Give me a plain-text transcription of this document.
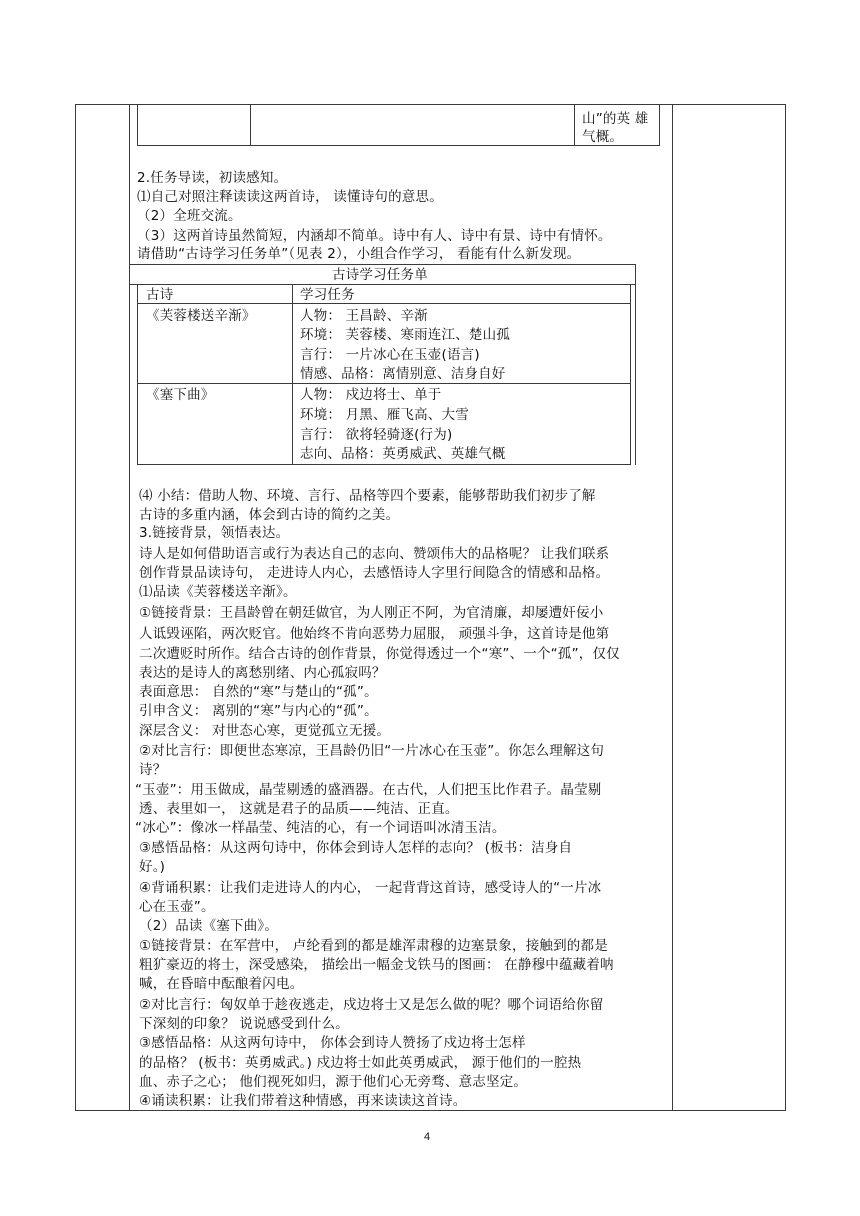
山”的英 雄
气概。
2.任务导读，初读感知。
⑴自己对照注释读读这两首诗， 读懂诗句的意思。
（2）全班交流。
（3）这两首诗虽然简短，内涵却不简单。诗中有人、诗中有景、诗中有情怀。
请借助“古诗学习任务单”（见表 2），小组合作学习， 看能有什么新发现。
古诗学习任务单
古诗	学习任务
《芙蓉楼送辛渐》	人物： 王昌龄、辛渐
环境： 芙蓉楼、寒雨连江、楚山孤
言行： 一片冰心在玉壶(语言)
情感、品格：离情别意、洁身自好
《塞下曲》	人物： 戍边将士、单于
环境： 月黑、雁飞高、大雪
言行： 欲将轻骑逐(行为)
志向、品格：英勇威武、英雄气概
⑷ 小结：借助人物、环境、言行、品格等四个要素，能够帮助我们初步了解
古诗的多重内涵，体会到古诗的简约之美。
3.链接背景，领悟表达。
诗人是如何借助语言或行为表达自己的志向、赞颂伟大的品格呢？ 让我们联系
创作背景品读诗句， 走进诗人内心，去感悟诗人字里行间隐含的情感和品格。
⑴品读《芙蓉楼送辛渐》。
①链接背景：王昌龄曾在朝廷做官，为人刚正不阿，为官清廉，却屡遭奸佞小
人诋毁诬陷，两次贬官。他始终不肯向恶势力屈服， 顽强斗争，这首诗是他第
二次遭贬时所作。结合古诗的创作背景，你觉得透过一个“寒”、一个“孤”，仅仅
表达的是诗人的离愁别绪、内心孤寂吗？
表面意思： 自然的“寒”与楚山的“孤”。
引申含义： 离别的“寒”与内心的“孤”。
深层含义： 对世态心寒，更觉孤立无援。
②对比言行：即便世态寒凉，王昌龄仍旧“一片冰心在玉壶”。你怎么理解这句
诗？
“玉壶”：用玉做成，晶莹剔透的盛酒器。在古代，人们把玉比作君子。晶莹剔
透、表里如一， 这就是君子的品质——纯洁、正直。
“冰心”：像冰一样晶莹、纯洁的心，有一个词语叫冰清玉洁。
③感悟品格：从这两句诗中，你体会到诗人怎样的志向？ (板书：洁身自
好。)
④背诵积累：让我们走进诗人的内心， 一起背背这首诗，感受诗人的“一片冰
心在玉壶”。
（2）品读《塞下曲》。
①链接背景：在军营中， 卢纶看到的都是雄浑肃穆的边塞景象，接触到的都是
粗犷豪迈的将士，深受感染， 描绘出一幅金戈铁马的图画： 在静穆中蕴藏着呐
喊，在昏暗中酝酿着闪电。
②对比言行：匈奴单于趁夜逃走，戍边将士又是怎么做的呢？哪个词语给你留
下深刻的印象？ 说说感受到什么。
③感悟品格：从这两句诗中， 你体会到诗人赞扬了戍边将士怎样
的品格？ (板书：英勇威武。) 戍边将士如此英勇威武， 源于他们的一腔热
血、赤子之心； 他们视死如归，源于他们心无旁骛、意志坚定。
④诵读积累：让我们带着这种情感，再来读读这首诗。
4
